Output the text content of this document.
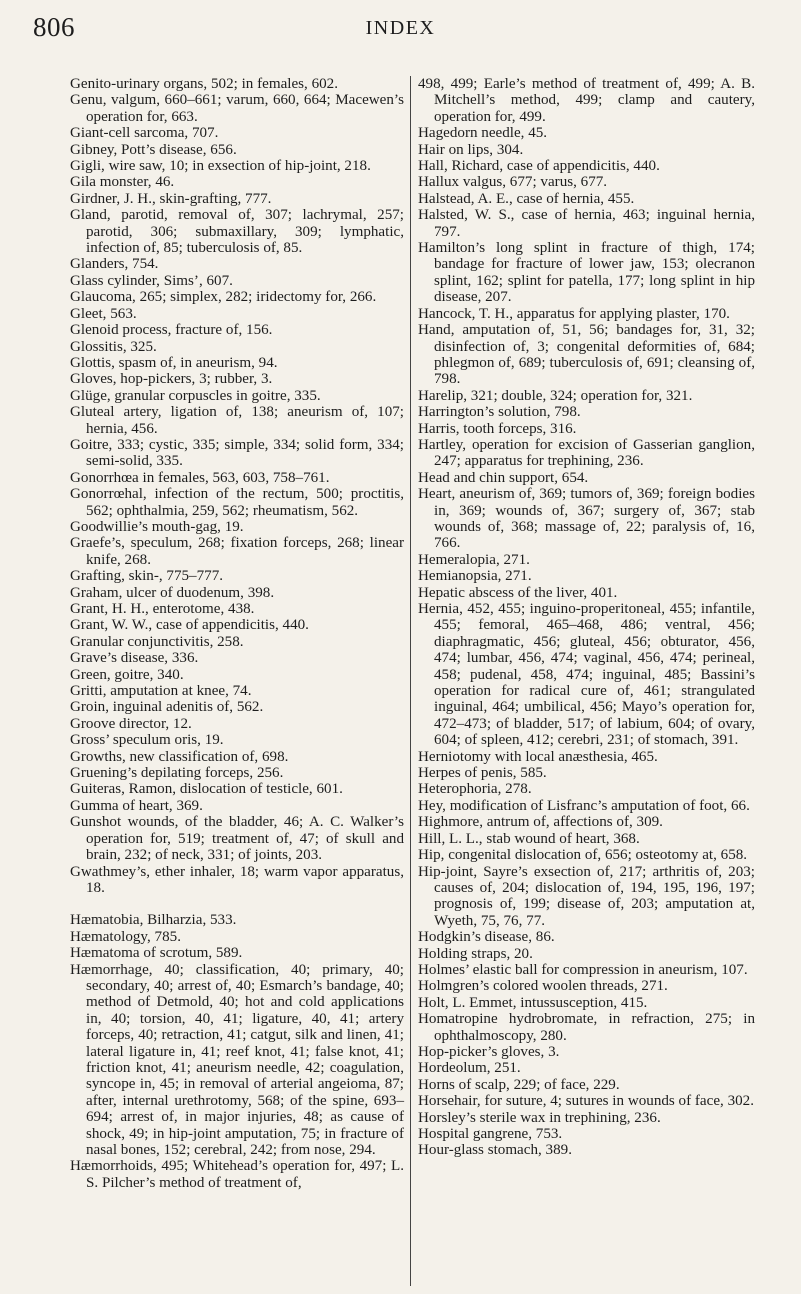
806	INDEX
Genito-urinary organs, 502; in females, 602.
Genu, valgum, 660–661; varum, 660, 664; Macewen’s operation for, 663.
Giant-cell sarcoma, 707.
Gibney, Pott’s disease, 656.
Gigli, wire saw, 10; in exsection of hip-joint, 218.
Gila monster, 46.
Girdner, J. H., skin-grafting, 777.
Gland, parotid, removal of, 307; lachrymal, 257; parotid, 306; submaxillary, 309; lymphatic, infection of, 85; tuberculosis of, 85.
Glanders, 754.
Glass cylinder, Sims’, 607.
Glaucoma, 265; simplex, 282; iridectomy for, 266.
Gleet, 563.
Glenoid process, fracture of, 156.
Glossitis, 325.
Glottis, spasm of, in aneurism, 94.
Gloves, hop-pickers, 3; rubber, 3.
Glüge, granular corpuscles in goitre, 335.
Gluteal artery, ligation of, 138; aneurism of, 107; hernia, 456.
Goitre, 333; cystic, 335; simple, 334; solid form, 334; semi-solid, 335.
Gonorrhœa in females, 563, 603, 758–761.
Gonorrœhal, infection of the rectum, 500; proctitis, 562; ophthalmia, 259, 562; rheumatism, 562.
Goodwillie’s mouth-gag, 19.
Graefe’s, speculum, 268; fixation forceps, 268; linear knife, 268.
Grafting, skin-, 775–777.
Graham, ulcer of duodenum, 398.
Grant, H. H., enterotome, 438.
Grant, W. W., case of appendicitis, 440.
Granular conjunctivitis, 258.
Grave’s disease, 336.
Green, goitre, 340.
Gritti, amputation at knee, 74.
Groin, inguinal adenitis of, 562.
Groove director, 12.
Gross’ speculum oris, 19.
Growths, new classification of, 698.
Gruening’s depilating forceps, 256.
Guiteras, Ramon, dislocation of testicle, 601.
Gumma of heart, 369.
Gunshot wounds, of the bladder, 46; A. C. Walker’s operation for, 519; treatment of, 47; of skull and brain, 232; of neck, 331; of joints, 203.
Gwathmey’s, ether inhaler, 18; warm vapor apparatus, 18.
Hæmatobia, Bilharzia, 533.
Hæmatology, 785.
Hæmatoma of scrotum, 589.
Hæmorrhage, 40; classification, 40; primary, 40; secondary, 40; arrest of, 40; Esmarch’s bandage, 40; method of Detmold, 40; hot and cold applications in, 40; torsion, 40, 41; ligature, 40, 41; artery forceps, 40; retraction, 41; catgut, silk and linen, 41; lateral ligature in, 41; reef knot, 41; false knot, 41; friction knot, 41; aneurism needle, 42; coagulation, syncope in, 45; in removal of arterial angeioma, 87; after, internal urethrotomy, 568; of the spine, 693–694; arrest of, in major injuries, 48; as cause of shock, 49; in hip-joint amputation, 75; in fracture of nasal bones, 152; cerebral, 242; from nose, 294.
Hæmorrhoids, 495; Whitehead’s operation for, 497; L. S. Pilcher’s method of treatment of,
498, 499; Earle’s method of treatment of, 499; A. B. Mitchell’s method, 499; clamp and cautery, operation for, 499.
Hagedorn needle, 45.
Hair on lips, 304.
Hall, Richard, case of appendicitis, 440.
Hallux valgus, 677; varus, 677.
Halstead, A. E., case of hernia, 455.
Halsted, W. S., case of hernia, 463; inguinal hernia, 797.
Hamilton’s long splint in fracture of thigh, 174; bandage for fracture of lower jaw, 153; olecranon splint, 162; splint for patella, 177; long splint in hip disease, 207.
Hancock, T. H., apparatus for applying plaster, 170.
Hand, amputation of, 51, 56; bandages for, 31, 32; disinfection of, 3; congenital deformities of, 684; phlegmon of, 689; tuberculosis of, 691; cleansing of, 798.
Harelip, 321; double, 324; operation for, 321.
Harrington’s solution, 798.
Harris, tooth forceps, 316.
Hartley, operation for excision of Gasserian ganglion, 247; apparatus for trephining, 236.
Head and chin support, 654.
Heart, aneurism of, 369; tumors of, 369; foreign bodies in, 369; wounds of, 367; surgery of, 367; stab wounds of, 368; massage of, 22; paralysis of, 16, 766.
Hemeralopia, 271.
Hemianopsia, 271.
Hepatic abscess of the liver, 401.
Hernia, 452, 455; inguino-properitoneal, 455; infantile, 455; femoral, 465–468, 486; ventral, 456; diaphragmatic, 456; gluteal, 456; obturator, 456, 474; lumbar, 456, 474; vaginal, 456, 474; perineal, 458; pudenal, 458, 474; inguinal, 485; Bassini’s operation for radical cure of, 461; strangulated inguinal, 464; umbilical, 456; Mayo’s operation for, 472–473; of bladder, 517; of labium, 604; of ovary, 604; of spleen, 412; cerebri, 231; of stomach, 391.
Herniotomy with local anæsthesia, 465.
Herpes of penis, 585.
Heterophoria, 278.
Hey, modification of Lisfranc’s amputation of foot, 66.
Highmore, antrum of, affections of, 309.
Hill, L. L., stab wound of heart, 368.
Hip, congenital dislocation of, 656; osteotomy at, 658.
Hip-joint, Sayre’s exsection of, 217; arthritis of, 203; causes of, 204; dislocation of, 194, 195, 196, 197; prognosis of, 199; disease of, 203; amputation at, Wyeth, 75, 76, 77.
Hodgkin’s disease, 86.
Holding straps, 20.
Holmes’ elastic ball for compression in aneurism, 107.
Holmgren’s colored woolen threads, 271.
Holt, L. Emmet, intussusception, 415.
Homatropine hydrobromate, in refraction, 275; in ophthalmoscopy, 280.
Hop-picker’s gloves, 3.
Hordeolum, 251.
Horns of scalp, 229; of face, 229.
Horsehair, for suture, 4; sutures in wounds of face, 302.
Horsley’s sterile wax in trephining, 236.
Hospital gangrene, 753.
Hour-glass stomach, 389.
